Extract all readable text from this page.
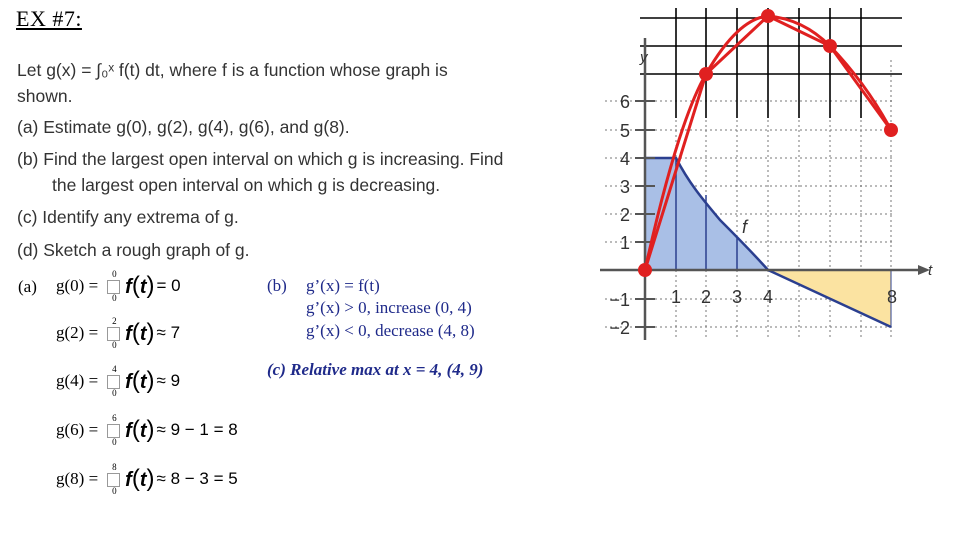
EX #7:
Let g(x) = ∫₀ˣ f(t) dt, where f is a function whose graph is
shown.
(a) Estimate g(0), g(2), g(4), g(6), and g(8).
(b) Find the largest open interval on which g is increasing. Find
the largest open interval on which g is decreasing.
(c) Identify any extrema of g.
(d) Sketch a rough graph of g.
(a) g(0) =
0
0 f(t) = 0
g(2) =
2
0 f(t) ≈ 7
g(4) =
4
0 f(t) ≈ 9
g(6) =
6
0 f(t) ≈ 9 − 1 = 8
g(8) =
8
0 f(t) ≈ 8 − 3 = 5
(b) g’(x) = f(t)
g’(x) > 0, increase (0, 4)
g’(x) < 0, decrease (4, 8)
(c) Relative max at x = 4, (4, 9)
f
t
y
6
5
4
3
2
1
−1
−2
1 2 3 4	8
